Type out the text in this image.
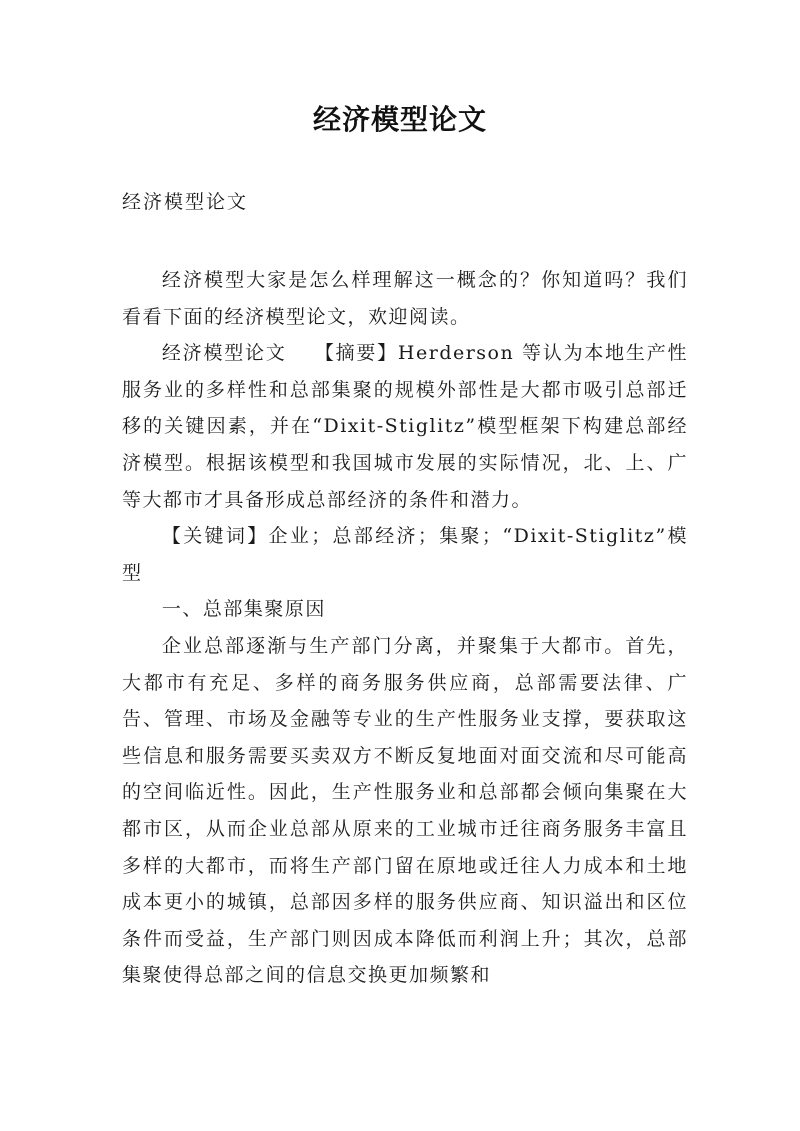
经济模型论文
经济模型论文

经济模型大家是怎么样理解这一概念的？你知道吗？我们看看下面的经济模型论文，欢迎阅读。

经济模型论文 【摘要】Herderson 等认为本地生产性服务业的多样性和总部集聚的规模外部性是大都市吸引总部迁移的关键因素，并在“Dixit-Stiglitz”模型框架下构建总部经济模型。根据该模型和我国城市发展的实际情况，北、上、广等大都市才具备形成总部经济的条件和潜力。

【关键词】企业；总部经济；集聚；“Dixit-Stiglitz”模型

一、总部集聚原因

企业总部逐渐与生产部门分离，并聚集于大都市。首先，大都市有充足、多样的商务服务供应商，总部需要法律、广告、管理、市场及金融等专业的生产性服务业支撑，要获取这些信息和服务需要买卖双方不断反复地面对面交流和尽可能高的空间临近性。因此，生产性服务业和总部都会倾向集聚在大都市区，从而企业总部从原来的工业城市迁往商务服务丰富且多样的大都市，而将生产部门留在原地或迁往人力成本和土地成本更小的城镇，总部因多样的服务供应商、知识溢出和区位条件而受益，生产部门则因成本降低而利润上升；其次，总部集聚使得总部之间的信息交换更加频繁和
